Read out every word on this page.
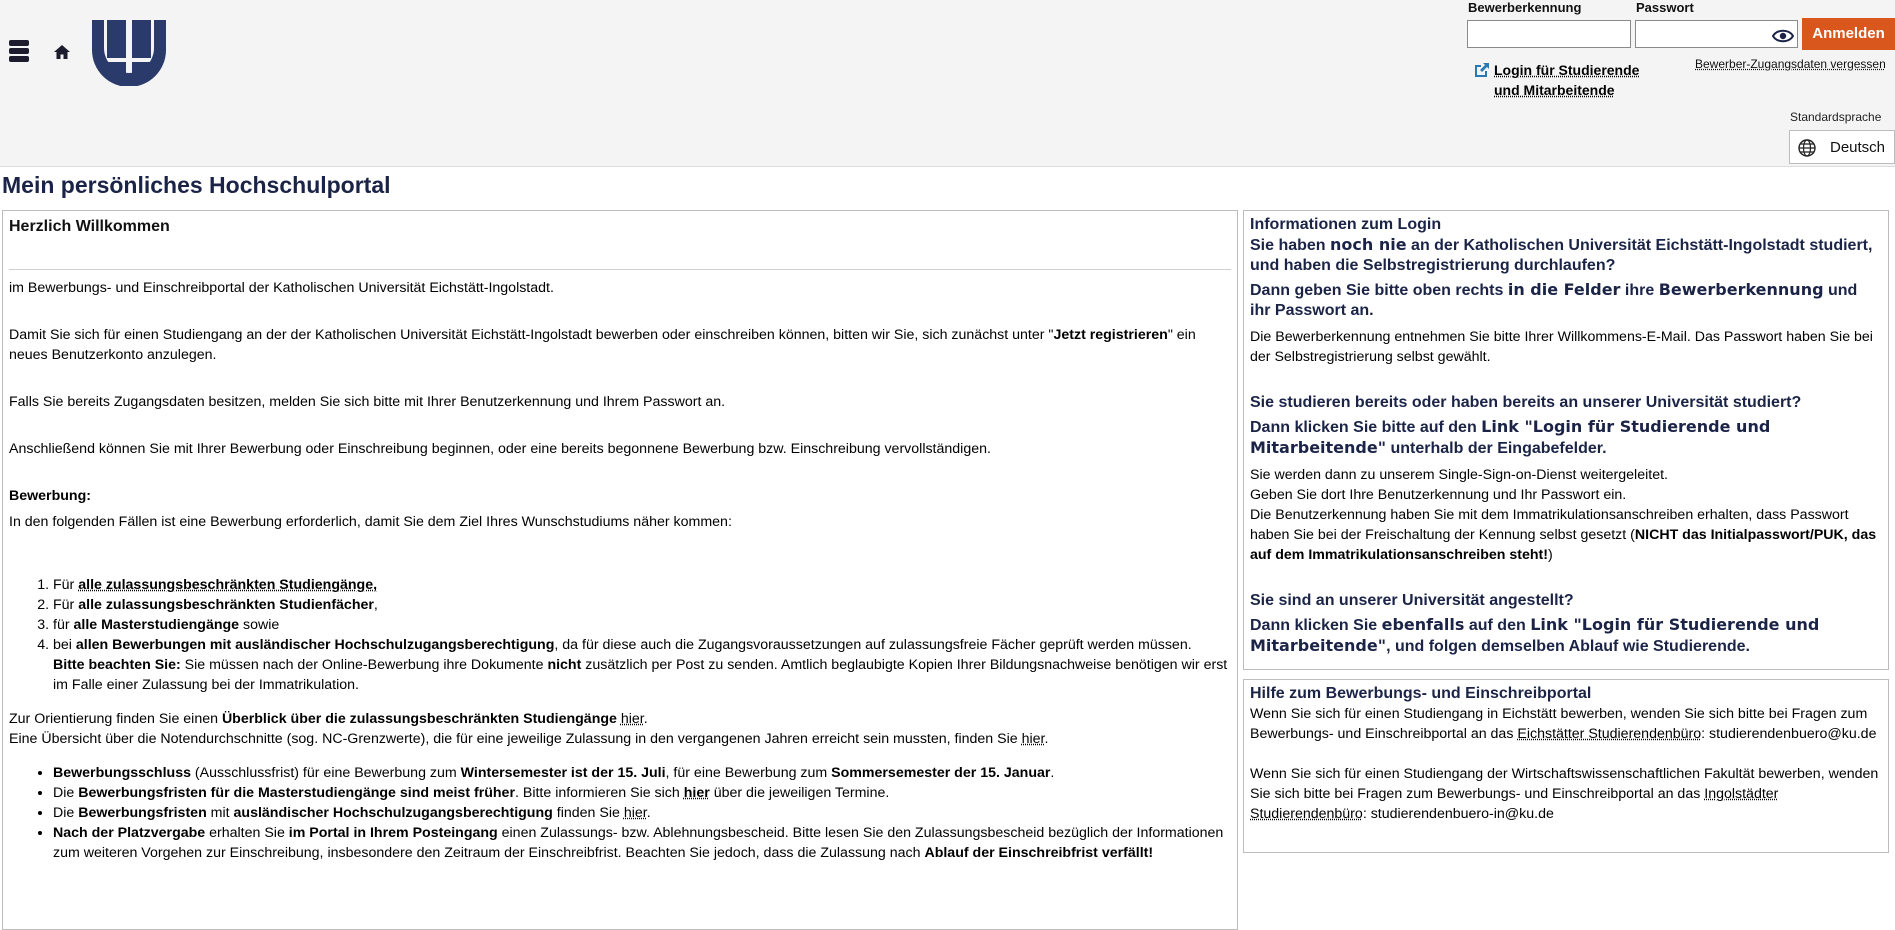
Bewerberkennung	Passwort
Anmelden
Login für Studierende und Mitarbeitende
Bewerber-Zugangsdaten vergessen
Standardsprache
Deutsch
Mein persönliches Hochschulportal
Herzlich Willkommen

im Bewerbungs- und Einschreibportal der Katholischen Universität Eichstätt-Ingolstadt.

Damit Sie sich für einen Studiengang an der der Katholischen Universität Eichstätt-Ingolstadt bewerben oder einschreiben können, bitten wir Sie, sich zunächst unter "Jetzt registrieren" ein neues Benutzerkonto anzulegen.

Falls Sie bereits Zugangsdaten besitzen, melden Sie sich bitte mit Ihrer Benutzerkennung und Ihrem Passwort an.

Anschließend können Sie mit Ihrer Bewerbung oder Einschreibung beginnen, oder eine bereits begonnene Bewerbung bzw. Einschreibung vervollständigen.

Bewerbung:

In den folgenden Fällen ist eine Bewerbung erforderlich, damit Sie dem Ziel Ihres Wunschstudiums näher kommen:

1. Für alle zulassungsbeschränkten Studiengänge,
2. Für alle zulassungsbeschränkten Studienfächer,
3. für alle Masterstudiengänge sowie
4. bei allen Bewerbungen mit ausländischer Hochschulzugangsberechtigung, da für diese auch die Zugangsvoraussetzungen auf zulassungsfreie Fächer geprüft werden müssen.
Bitte beachten Sie: Sie müssen nach der Online-Bewerbung ihre Dokumente nicht zusätzlich per Post zu senden. Amtlich beglaubigte Kopien Ihrer Bildungsnachweise benötigen wir erst im Falle einer Zulassung bei der Immatrikulation.

Zur Orientierung finden Sie einen Überblick über die zulassungsbeschränkten Studiengänge hier.
Eine Übersicht über die Notendurchschnitte (sog. NC-Grenzwerte), die für eine jeweilige Zulassung in den vergangenen Jahren erreicht sein mussten, finden Sie hier.

• Bewerbungsschluss (Ausschlussfrist) für eine Bewerbung zum Wintersemester ist der 15. Juli, für eine Bewerbung zum Sommersemester der 15. Januar.
• Die Bewerbungsfristen für die Masterstudiengänge sind meist früher. Bitte informieren Sie sich hier über die jeweiligen Termine.
• Die Bewerbungsfristen mit ausländischer Hochschulzugangsberechtigung finden Sie hier.
• Nach der Platzvergabe erhalten Sie im Portal in Ihrem Posteingang einen Zulassungs- bzw. Ablehnungsbescheid. Bitte lesen Sie den Zulassungsbescheid bezüglich der Informationen zum weiteren Vorgehen zur Einschreibung, insbesondere den Zeitraum der Einschreibfrist. Beachten Sie jedoch, dass die Zulassung nach Ablauf der Einschreibfrist verfällt!
Informationen zum Login
Sie haben noch nie an der Katholischen Universität Eichstätt-Ingolstadt studiert, und haben die Selbstregistrierung durchlaufen?
Dann geben Sie bitte oben rechts in die Felder ihre Bewerberkennung und ihr Passwort an.
Die Bewerberkennung entnehmen Sie bitte Ihrer Willkommens-E-Mail. Das Passwort haben Sie bei der Selbstregistrierung selbst gewählt.
Sie studieren bereits oder haben bereits an unserer Universität studiert?
Dann klicken Sie bitte auf den Link "Login für Studierende und Mitarbeitende" unterhalb der Eingabefelder.
Sie werden dann zu unserem Single-Sign-on-Dienst weitergeleitet.
Geben Sie dort Ihre Benutzerkennung und Ihr Passwort ein.
Die Benutzerkennung haben Sie mit dem Immatrikulationsanschreiben erhalten, dass Passwort haben Sie bei der Freischaltung der Kennung selbst gesetzt (NICHT das Initialpasswort/PUK, das auf dem Immatrikulationsanschreiben steht!)
Sie sind an unserer Universität angestellt?
Dann klicken Sie ebenfalls auf den Link "Login für Studierende und Mitarbeitende", und folgen demselben Ablauf wie Studierende.
Hilfe zum Bewerbungs- und Einschreibportal
Wenn Sie sich für einen Studiengang in Eichstätt bewerben, wenden Sie sich bitte bei Fragen zum Bewerbungs- und Einschreibportal an das Eichstätter Studierendenbüro: studierendenbuero@ku.de
Wenn Sie sich für einen Studiengang der Wirtschaftswissenschaftlichen Fakultät bewerben, wenden Sie sich bitte bei Fragen zum Bewerbungs- und Einschreibportal an das Ingolstädter Studierendenbüro: studierendenbuero-in@ku.de
